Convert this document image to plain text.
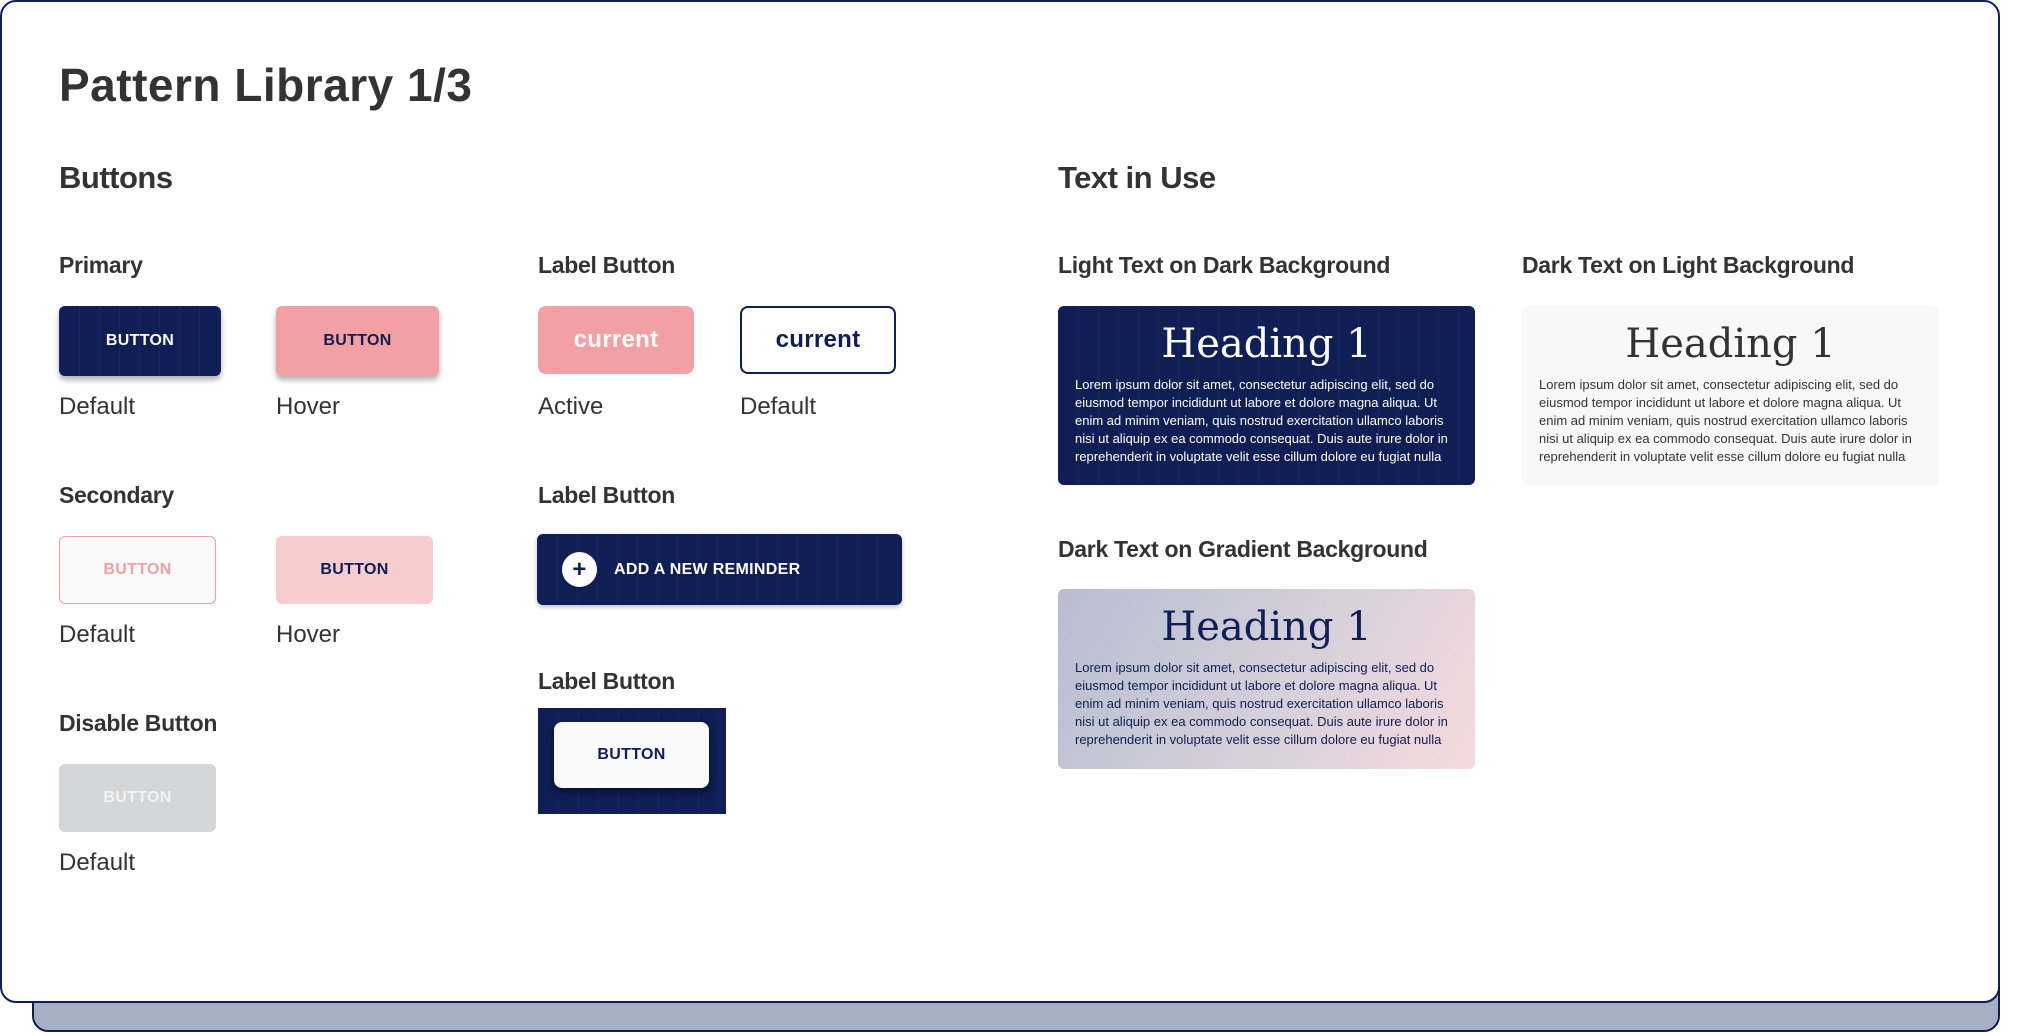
Pattern Library 1/3
Buttons
Primary
BUTTON	BUTTON
Default	Hover
Secondary
BUTTON	BUTTON
Default	Hover
Disable Button
BUTTON
Default
Label Button
current	current
Active	Default
Label Button
+	ADD A NEW REMINDER
Label Button
BUTTON
Text in Use
Light Text on Dark Background
Heading 1
Lorem ipsum dolor sit amet, consectetur adipiscing elit, sed do eiusmod tempor incididunt ut labore et dolore magna aliqua. Ut enim ad minim veniam, quis nostrud exercitation ullamco laboris nisi ut aliquip ex ea commodo consequat. Duis aute irure dolor in reprehenderit in voluptate velit esse cillum dolore eu fugiat nulla
Dark Text on Light Background
Heading 1
Lorem ipsum dolor sit amet, consectetur adipiscing elit, sed do eiusmod tempor incididunt ut labore et dolore magna aliqua. Ut enim ad minim veniam, quis nostrud exercitation ullamco laboris nisi ut aliquip ex ea commodo consequat. Duis aute irure dolor in reprehenderit in voluptate velit esse cillum dolore eu fugiat nulla
Dark Text on Gradient Background
Heading 1
Lorem ipsum dolor sit amet, consectetur adipiscing elit, sed do eiusmod tempor incididunt ut labore et dolore magna aliqua. Ut enim ad minim veniam, quis nostrud exercitation ullamco laboris nisi ut aliquip ex ea commodo consequat. Duis aute irure dolor in reprehenderit in voluptate velit esse cillum dolore eu fugiat nulla
